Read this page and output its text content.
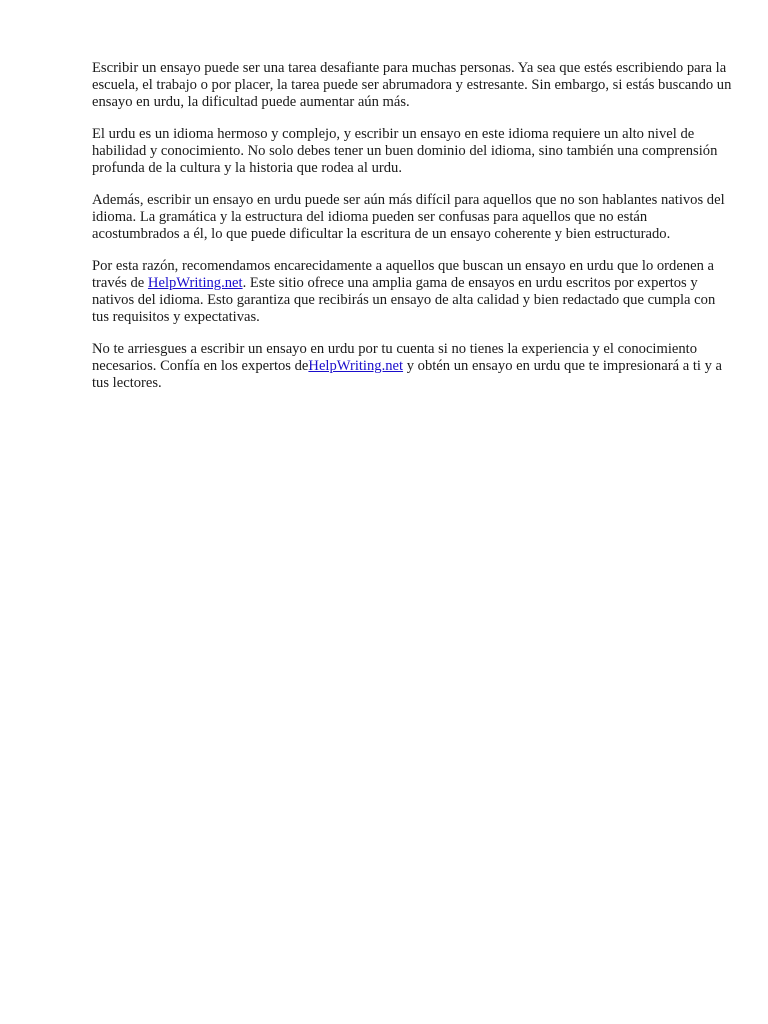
Escribir un ensayo puede ser una tarea desafiante para muchas personas. Ya sea que estés escribiendo para la escuela, el trabajo o por placer, la tarea puede ser abrumadora y estresante. Sin embargo, si estás buscando un ensayo en urdu, la dificultad puede aumentar aún más.

El urdu es un idioma hermoso y complejo, y escribir un ensayo en este idioma requiere un alto nivel de habilidad y conocimiento. No solo debes tener un buen dominio del idioma, sino también una comprensión profunda de la cultura y la historia que rodea al urdu.

Además, escribir un ensayo en urdu puede ser aún más difícil para aquellos que no son hablantes nativos del idioma. La gramática y la estructura del idioma pueden ser confusas para aquellos que no están acostumbrados a él, lo que puede dificultar la escritura de un ensayo coherente y bien estructurado.

Por esta razón, recomendamos encarecidamente a aquellos que buscan un ensayo en urdu que lo ordenen a través de HelpWriting.net. Este sitio ofrece una amplia gama de ensayos en urdu escritos por expertos y nativos del idioma. Esto garantiza que recibirás un ensayo de alta calidad y bien redactado que cumpla con tus requisitos y expectativas.

No te arriesgues a escribir un ensayo en urdu por tu cuenta si no tienes la experiencia y el conocimiento necesarios. Confía en los expertos deHelpWriting.net y obtén un ensayo en urdu que te impresionará a ti y a tus lectores.
